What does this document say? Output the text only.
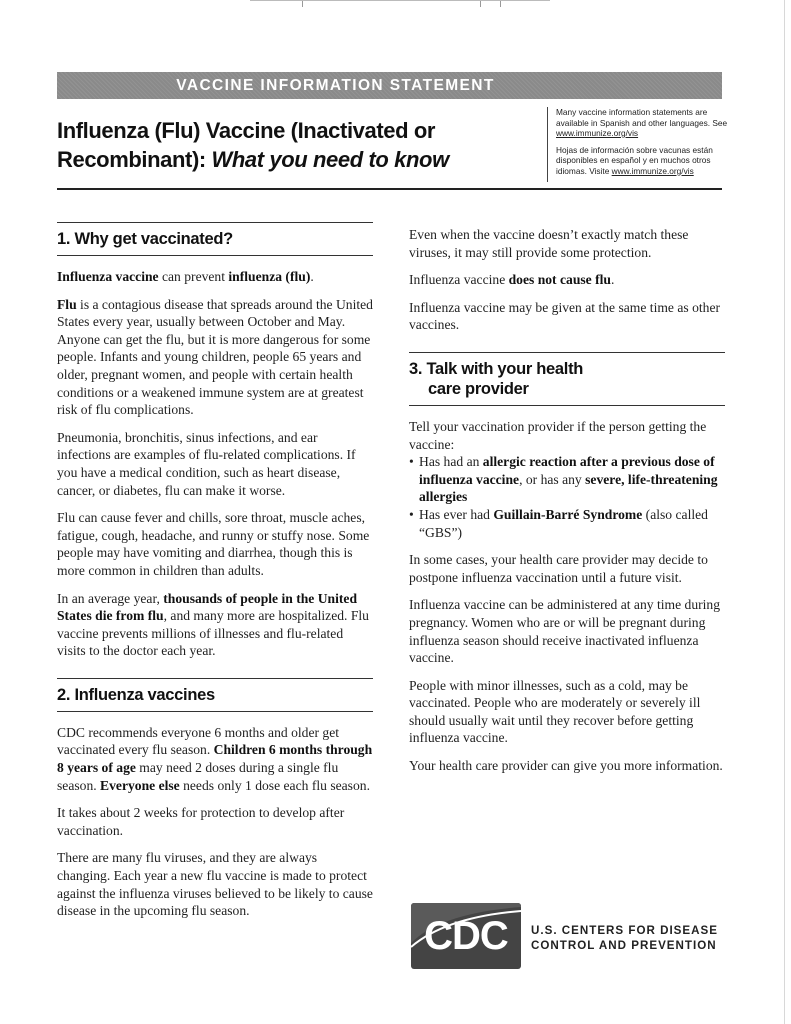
VACCINE INFORMATION STATEMENT
Influenza (Flu) Vaccine (Inactivated or Recombinant): What you need to know

Many vaccine information statements are available in Spanish and other languages. See www.immunize.org/vis

Hojas de información sobre vacunas están disponibles en español y en muchos otros idiomas. Visite www.immunize.org/vis

1. Why get vaccinated?

Influenza vaccine can prevent influenza (flu).

Flu is a contagious disease that spreads around the United States every year, usually between October and May. Anyone can get the flu, but it is more dangerous for some people. Infants and young children, people 65 years and older, pregnant women, and people with certain health conditions or a weakened immune system are at greatest risk of flu complications.

Pneumonia, bronchitis, sinus infections, and ear infections are examples of flu-related complications. If you have a medical condition, such as heart disease, cancer, or diabetes, flu can make it worse.

Flu can cause fever and chills, sore throat, muscle aches, fatigue, cough, headache, and runny or stuffy nose. Some people may have vomiting and diarrhea, though this is more common in children than adults.

In an average year, thousands of people in the United States die from flu, and many more are hospitalized. Flu vaccine prevents millions of illnesses and flu-related visits to the doctor each year.

2. Influenza vaccines

CDC recommends everyone 6 months and older get vaccinated every flu season. Children 6 months through 8 years of age may need 2 doses during a single flu season. Everyone else needs only 1 dose each flu season.

It takes about 2 weeks for protection to develop after vaccination.

There are many flu viruses, and they are always changing. Each year a new flu vaccine is made to protect against the influenza viruses believed to be likely to cause disease in the upcoming flu season.

Even when the vaccine doesn’t exactly match these viruses, it may still provide some protection.

Influenza vaccine does not cause flu.

Influenza vaccine may be given at the same time as other vaccines.

3. Talk with your health
care provider

Tell your vaccination provider if the person getting the vaccine:

• Has had an allergic reaction after a previous dose of influenza vaccine, or has any severe, life-threatening allergies
• Has ever had Guillain-Barré Syndrome (also called “GBS”)

In some cases, your health care provider may decide to postpone influenza vaccination until a future visit.

Influenza vaccine can be administered at any time during pregnancy. Women who are or will be pregnant during influenza season should receive inactivated influenza vaccine.

People with minor illnesses, such as a cold, may be vaccinated. People who are moderately or severely ill should usually wait until they recover before getting influenza vaccine.

Your health care provider can give you more information.

CDC	U.S. CENTERS FOR DISEASE
CONTROL AND PREVENTION
